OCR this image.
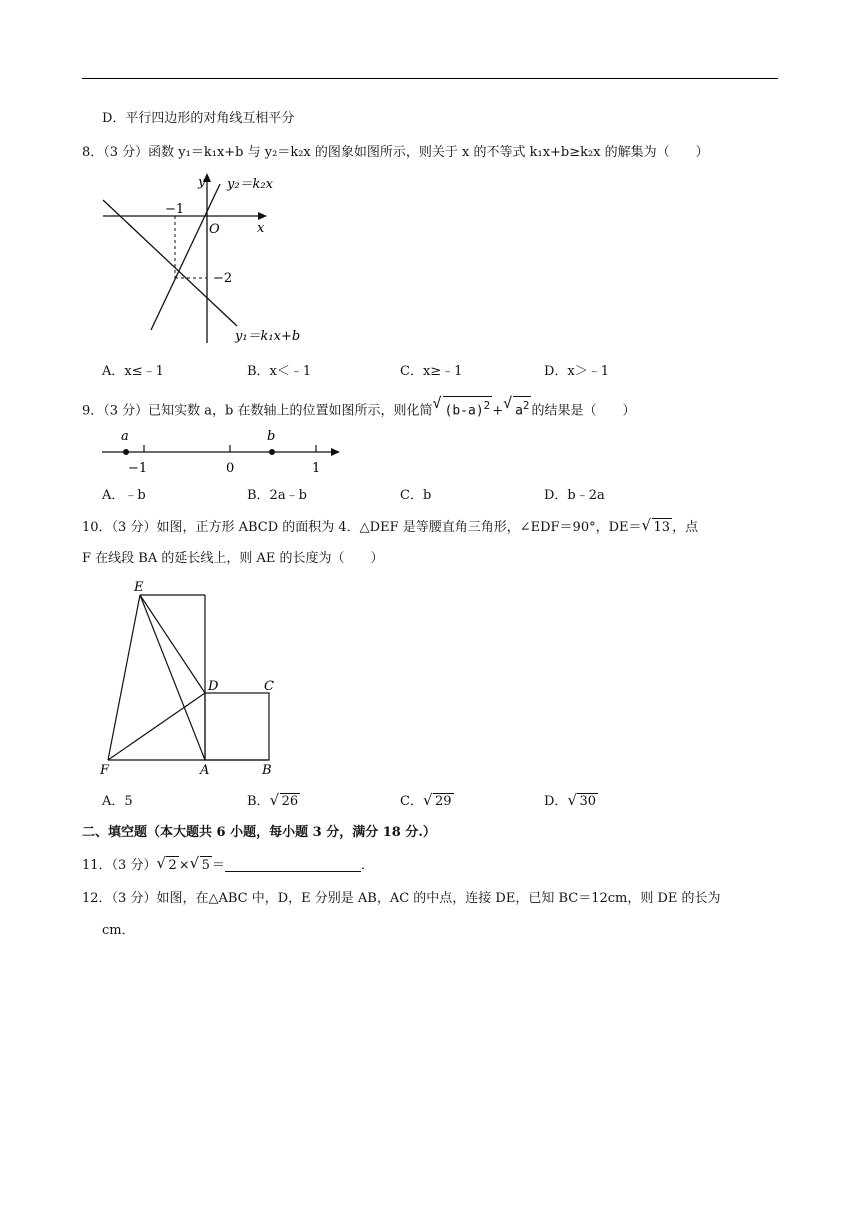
D．平行四边形的对角线互相平分
8．（3 分）函数 y₁＝k₁x+b 与 y₂＝k₂x 的图象如图所示，则关于 x 的不等式 k₁x+b≥k₂x 的解集为（　　）
y
x
O
−1
−2
y₂＝k₂x
y₁＝k₁x+b
A．x≤﹣1	B．x＜﹣1	C．x≥﹣1	D．x＞﹣1
9．（3 分）已知实数 a，b 在数轴上的位置如图所示，则化简 √ $(b-a)^2$ + √ $a^2$ 的结果是（　　）
a	b
−1	0	1
A．﹣b	B．2a﹣b	C．b	D．b﹣2a
10．（3 分）如图，正方形 ABCD 的面积为 4．△DEF 是等腰直角三角形，∠EDF＝90°，DE＝ √ 13 ，点
F 在线段 BA 的延长线上，则 AE 的长度为（　　）
E
D	C
F	A	B
A．5	B． √ 26	C． √ 29	D． √ 30
二、填空题（本大题共 6 小题，每小题 3 分，满分 18 分.）
11．（3 分） √ 2 × √ 5 ＝	．
12．（3 分）如图，在△ABC 中，D，E 分别是 AB，AC 的中点，连接 DE，已知 BC＝12cm，则 DE 的长为
cm．
